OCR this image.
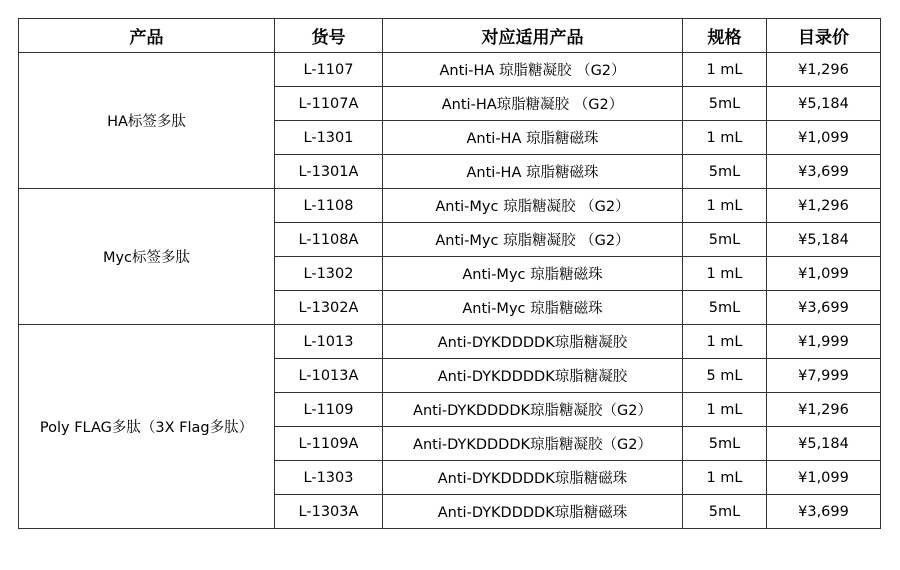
产品	货号	对应适用产品	规格	目录价
HA标签多肽	L-1107	Anti-HA 琼脂糖凝胶 （G2）	1 mL	¥1,296
	L-1107A	Anti-HA琼脂糖凝胶 （G2）	5mL	¥5,184
	L-1301	Anti-HA 琼脂糖磁珠	1 mL	¥1,099
	L-1301A	Anti-HA 琼脂糖磁珠	5mL	¥3,699
Myc标签多肽	L-1108	Anti-Myc 琼脂糖凝胶 （G2）	1 mL	¥1,296
	L-1108A	Anti-Myc 琼脂糖凝胶 （G2）	5mL	¥5,184
	L-1302	Anti-Myc 琼脂糖磁珠	1 mL	¥1,099
	L-1302A	Anti-Myc 琼脂糖磁珠	5mL	¥3,699
Poly FLAG多肽（3X Flag多肽）	L-1013	Anti-DYKDDDDK琼脂糖凝胶	1 mL	¥1,999
	L-1013A	Anti-DYKDDDDK琼脂糖凝胶	5 mL	¥7,999
	L-1109	Anti-DYKDDDDK琼脂糖凝胶（G2）	1 mL	¥1,296
	L-1109A	Anti-DYKDDDDK琼脂糖凝胶（G2）	5mL	¥5,184
	L-1303	Anti-DYKDDDDK琼脂糖磁珠	1 mL	¥1,099
	L-1303A	Anti-DYKDDDDK琼脂糖磁珠	5mL	¥3,699
